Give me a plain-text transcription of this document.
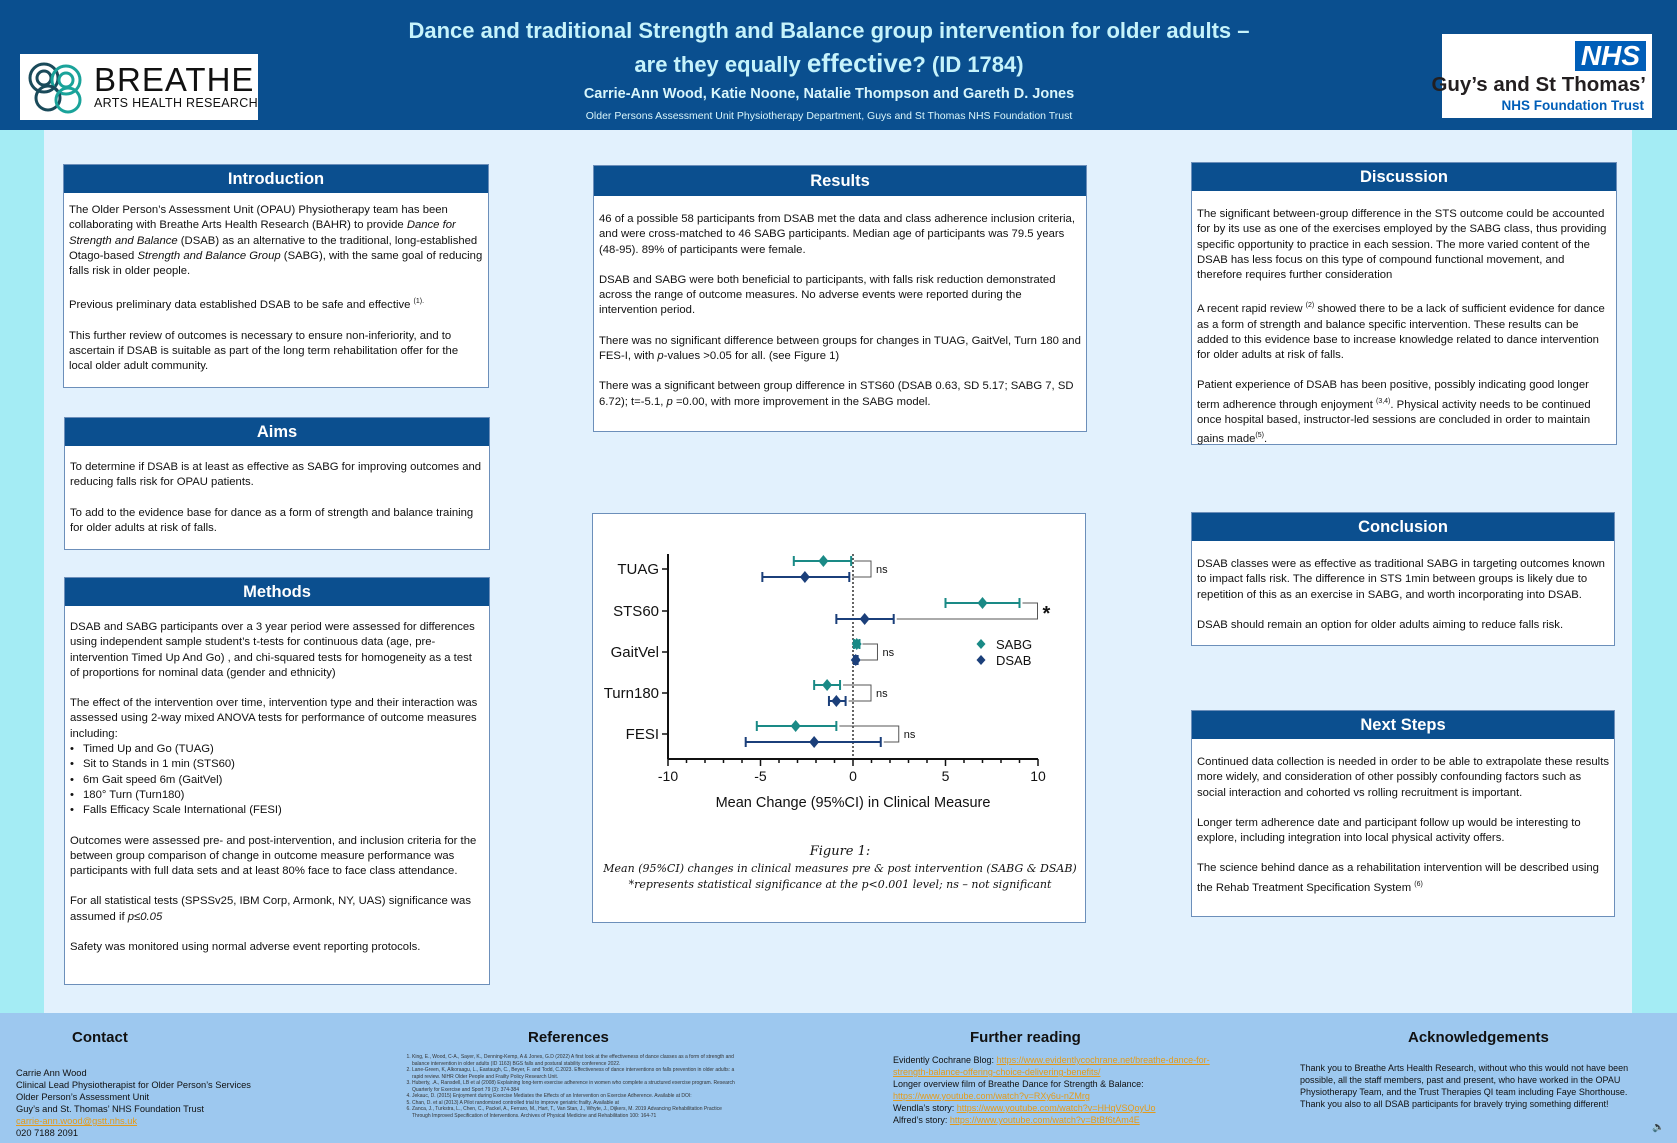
BREATHE
ARTS HEALTH RESEARCH
Dance and traditional Strength and Balance group intervention for older adults –
are they equally effective? (ID 1784)
Carrie-Ann Wood, Katie Noone, Natalie Thompson and Gareth D. Jones
Older Persons Assessment Unit Physiotherapy Department, Guys and St Thomas NHS Foundation Trust
NHS
Guy’s and St Thomas’
NHS Foundation Trust
Introduction

The Older Person’s Assessment Unit (OPAU) Physiotherapy team has been collaborating with Breathe Arts Health Research (BAHR) to provide Dance for Strength and Balance (DSAB) as an alternative to the traditional, long-established Otago-based Strength and Balance Group (SABG), with the same goal of reducing falls risk in older people.

Previous preliminary data established DSAB to be safe and effective $^{(1).}$

This further review of outcomes is necessary to ensure non-inferiority, and to ascertain if DSAB is suitable as part of the long term rehabilitation offer for the local older adult community.

Aims

To determine if DSAB is at least as effective as SABG for improving outcomes and reducing falls risk for OPAU patients.

To add to the evidence base for dance as a form of strength and balance training for older adults at risk of falls.

Methods

DSAB and SABG participants over a 3 year period were assessed for differences using independent sample student’s t-tests for continuous data (age, pre-intervention Timed Up And Go) , and chi-squared tests for homogeneity as a test of proportions for nominal data (gender and ethnicity)

The effect of the intervention over time, intervention type and their interaction was assessed using 2-way mixed ANOVA tests for performance of outcome measures including:

• Timed Up and Go (TUAG)
• Sit to Stands in 1 min (STS60)
• 6m Gait speed 6m (GaitVel)
• 180° Turn (Turn180)
• Falls Efficacy Scale International (FESI)

Outcomes were assessed pre- and post-intervention, and inclusion criteria for the between group comparison of change in outcome measure performance was participants with full data sets and at least 80% face to face class attendance.

For all statistical tests (SPSSv25, IBM Corp, Armonk, NY, UAS) significance was assumed if p≤0.05

Safety was monitored using normal adverse event reporting protocols.

Results

46 of a possible 58 participants from DSAB met the data and class adherence inclusion criteria, and were cross-matched to 46 SABG participants. Median age of participants was 79.5 years (48-95). 89% of participants were female.

DSAB and SABG were both beneficial to participants, with falls risk reduction demonstrated across the range of outcome measures. No adverse events were reported during the intervention period.

There was no significant difference between groups for changes in TUAG, GaitVel, Turn 180 and FES-I, with p-values >0.05 for all. (see Figure 1)

There was a significant between group difference in STS60 (DSAB 0.63, SD 5.17; SABG 7, SD 6.72); t=-5.1, p =0.00, with more improvement in the SABG model.

-10	-5	0	5	10
Mean Change (95%CI) in Clinical Measure
TUAG
STS60
GaitVel
Turn180
FESI
ns
*
ns
ns
ns
SABG
DSAB
Figure 1:
Mean (95%CI) changes in clinical measures pre & post intervention (SABG & DSAB)
*represents statistical significance at the p<0.001 level; ns – not significant
Discussion

The significant between-group difference in the STS outcome could be accounted for by its use as one of the exercises employed by the SABG class, thus providing specific opportunity to practice in each session. The more varied content of the DSAB has less focus on this type of compound functional movement, and therefore requires further consideration

A recent rapid review $^{(2)}$ showed there to be a lack of sufficient evidence for dance as a form of strength and balance specific intervention. These results can be added to this evidence base to increase knowledge related to dance intervention for older adults at risk of falls.

Patient experience of DSAB has been positive, possibly indicating good longer term adherence through enjoyment $^{(3,4)}$. Physical activity needs to be continued once hospital based, instructor-led sessions are concluded in order to maintain gains made$^{(5)}$.

Conclusion

DSAB classes were as effective as traditional SABG in targeting outcomes known to impact falls risk. The difference in STS 1min between groups is likely due to repetition of this as an exercise in SABG, and worth incorporating into DSAB.

DSAB should remain an option for older adults aiming to reduce falls risk.

Next Steps

Continued data collection is needed in order to be able to extrapolate these results more widely, and consideration of other possibly confounding factors such as social interaction and cohorted vs rolling recruitment is important.

Longer term adherence date and participant follow up would be interesting to explore, including integration into local physical activity offers.

The science behind dance as a rehabilitation intervention will be described using the Rehab Treatment Specification System $^{(6)}$

Contact
Carrie Ann Wood
Clinical Lead Physiotherapist for Older Person’s Services
Older Person’s Assessment Unit
Guy’s and St. Thomas’ NHS Foundation Trust
carrie-ann.wood@gstt.nhs.uk
020 7188 2091
References
1. King, E., Wood, C-A., Sayer, K., Denning-Kemp, A & Jones, G.D (2022) A first look at the effectiveness of dance classes as a form of strength and balance intervention in older adults (ID 1163) BGS falls and postural stability conference 2022.
2. Lane-Green, K, Alkoraagu, L., Eastaugh, C., Beyer, F. and Todd, C.2023. Effectiveness of dance interventions on falls prevention in older adults: a rapid review. NIHR Older People and Frailty Policy Research Unit.
3. Huberty, .A., Ransdell, LB et al (2008) Explaining long-term exercise adherence in women who complete a structured exercise program. Research Quarterly for Exercise and Sport 79 (3): 374-384
4. Jekauc, D. (2015) Enjoyment during Exercise Mediates the Effects of an Intervention on Exercise Adherence. Available at DOI:
5. Chan, D. et al (2013) A Pilot randomized controlled trial to improve geriatric frailty. Available at
6. Zanca, J., Turkstra, L., Chen, C., Packel, A., Ferraro, M., Hart, T., Van Stan, J., Whyte, J., Dijkers, M. 2019 Advancing Rehabilitation Practice Through Improved Specification of Interventions. Archives of Physical Medicine and Rehabilitation 100: 164-71
Further reading
Evidently Cochrane Blog: https://www.evidentlycochrane.net/breathe-dance-for-strength-balance-offering-choice-delivering-benefits/
Longer overview film of Breathe Dance for Strength & Balance:
https://www.youtube.com/watch?v=RXy6u-nZMrg
Wendla’s story: https://www.youtube.com/watch?v=HHqVSQoyUo
Alfred’s story: https://www.youtube.com/watch?v=BtBf6tAm4E
Acknowledgements
Thank you to Breathe Arts Health Research, without who this would not have been possible, all the staff members, past and present, who have worked in the OPAU Physiotherapy Team, and the Trust Therapies QI team including Faye Shorthouse. Thank you also to all DSAB participants for bravely trying something different!
🔈
